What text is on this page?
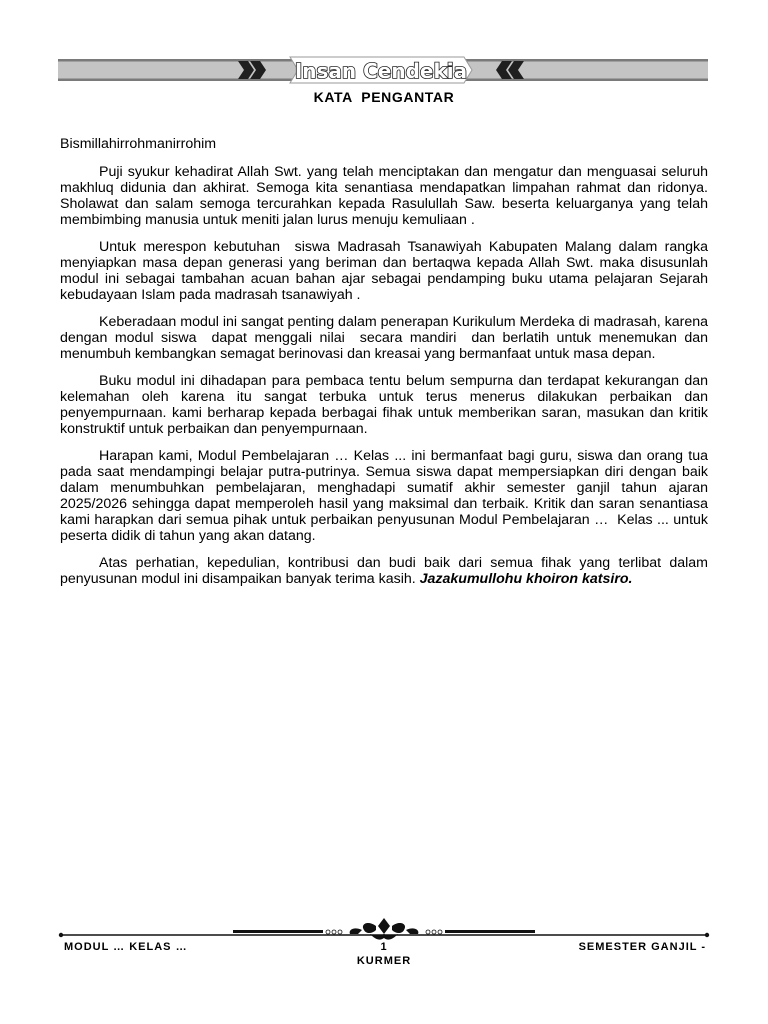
Insan Cendekia
KATA  PENGANTAR

Bismillahirrohmanirrohim

Puji syukur kehadirat Allah Swt. yang telah menciptakan dan mengatur dan menguasai seluruh makhluq didunia dan akhirat. Semoga kita senantiasa mendapatkan limpahan rahmat dan ridonya. Sholawat dan salam semoga tercurahkan kepada Rasulullah Saw. beserta keluarganya yang telah membimbing manusia untuk meniti jalan lurus menuju kemuliaan .

Untuk merespon kebutuhan  siswa Madrasah Tsanawiyah Kabupaten Malang dalam rangka menyiapkan masa depan generasi yang beriman dan bertaqwa kepada Allah Swt. maka disusunlah modul ini sebagai tambahan acuan bahan ajar sebagai pendamping buku utama pelajaran Sejarah kebudayaan Islam pada madrasah tsanawiyah .

Keberadaan modul ini sangat penting dalam penerapan Kurikulum Merdeka di madrasah, karena dengan modul siswa  dapat menggali nilai  secara mandiri  dan berlatih untuk menemukan dan menumbuh kembangkan semagat berinovasi dan kreasai yang bermanfaat untuk masa depan.

Buku modul ini dihadapan para pembaca tentu belum sempurna dan terdapat kekurangan dan kelemahan oleh karena itu sangat terbuka untuk terus menerus dilakukan perbaikan dan penyempurnaan. kami berharap kepada berbagai fihak untuk memberikan saran, masukan dan kritik konstruktif untuk perbaikan dan penyempurnaan.

Harapan kami, Modul Pembelajaran … Kelas ... ini bermanfaat bagi guru, siswa dan orang tua pada saat mendampingi belajar putra-putrinya. Semua siswa dapat mempersiapkan diri dengan baik dalam menumbuhkan pembelajaran, menghadapi sumatif akhir semester ganjil tahun ajaran 2025/2026 sehingga dapat memperoleh hasil yang maksimal dan terbaik. Kritik dan saran senantiasa kami harapkan dari semua pihak untuk perbaikan penyusunan Modul Pembelajaran …  Kelas ... untuk peserta didik di tahun yang akan datang.

Atas perhatian, kepedulian, kontribusi dan budi baik dari semua fihak yang terlibat dalam penyusunan modul ini disampaikan banyak terima kasih. Jazakumullohu khoiron katsiro.

MODUL … KELAS …	1
KURMER
SEMESTER GANJIL -
